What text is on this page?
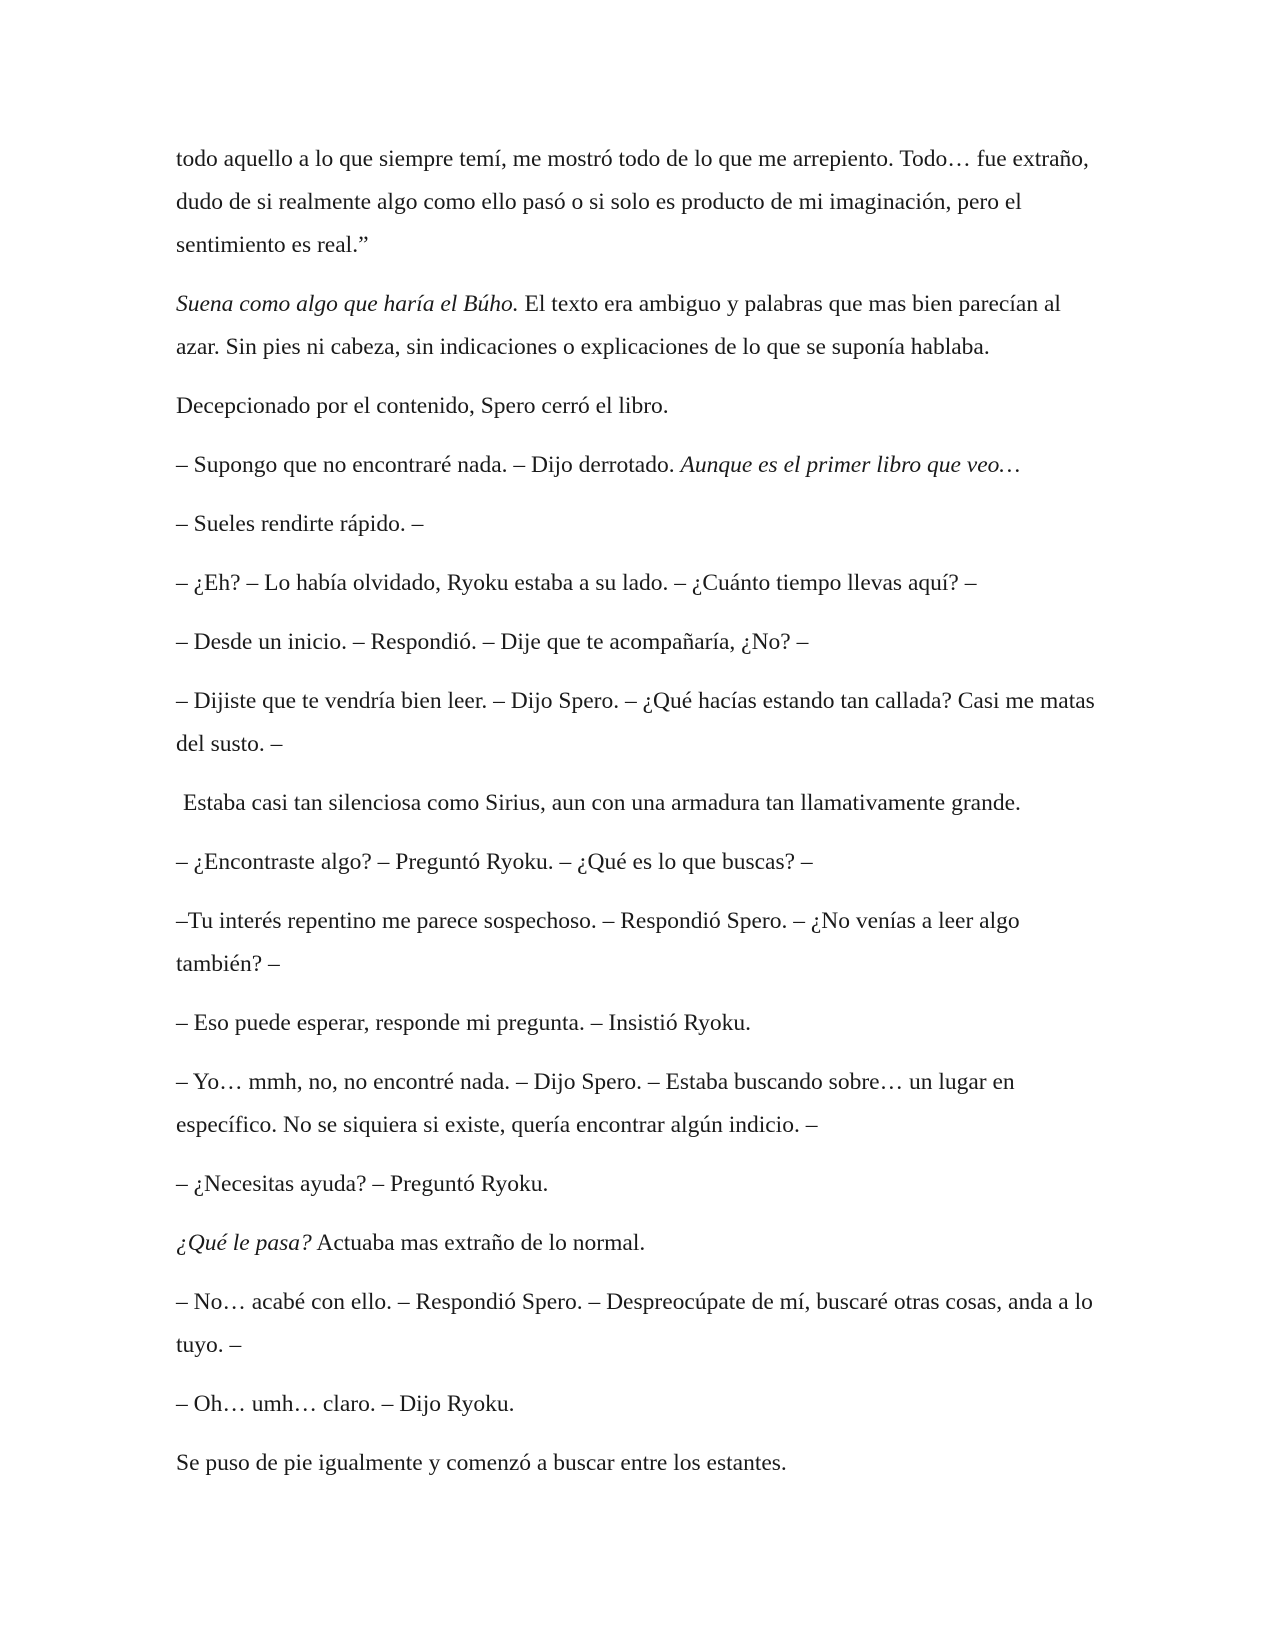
todo aquello a lo que siempre temí, me mostró todo de lo que me arrepiento. Todo… fue extraño, dudo de si realmente algo como ello pasó o si solo es producto de mi imaginación, pero el sentimiento es real.”

Suena como algo que haría el Búho. El texto era ambiguo y palabras que mas bien parecían al azar. Sin pies ni cabeza, sin indicaciones o explicaciones de lo que se suponía hablaba.

Decepcionado por el contenido, Spero cerró el libro.

– Supongo que no encontraré nada. – Dijo derrotado. Aunque es el primer libro que veo…

– Sueles rendirte rápido. –

– ¿Eh? – Lo había olvidado, Ryoku estaba a su lado. – ¿Cuánto tiempo llevas aquí? –

– Desde un inicio. – Respondió. – Dije que te acompañaría, ¿No? –

– Dijiste que te vendría bien leer. – Dijo Spero. – ¿Qué hacías estando tan callada? Casi me matas del susto. –

Estaba casi tan silenciosa como Sirius, aun con una armadura tan llamativamente grande.

– ¿Encontraste algo? – Preguntó Ryoku. – ¿Qué es lo que buscas? –

–Tu interés repentino me parece sospechoso. – Respondió Spero. – ¿No venías a leer algo también? –

– Eso puede esperar, responde mi pregunta. – Insistió Ryoku.

– Yo… mmh, no, no encontré nada. – Dijo Spero. – Estaba buscando sobre… un lugar en específico. No se siquiera si existe, quería encontrar algún indicio. –

– ¿Necesitas ayuda? – Preguntó Ryoku.

¿Qué le pasa? Actuaba mas extraño de lo normal.

– No… acabé con ello. – Respondió Spero. – Despreocúpate de mí, buscaré otras cosas, anda a lo tuyo. –

– Oh… umh… claro. – Dijo Ryoku.

Se puso de pie igualmente y comenzó a buscar entre los estantes.
